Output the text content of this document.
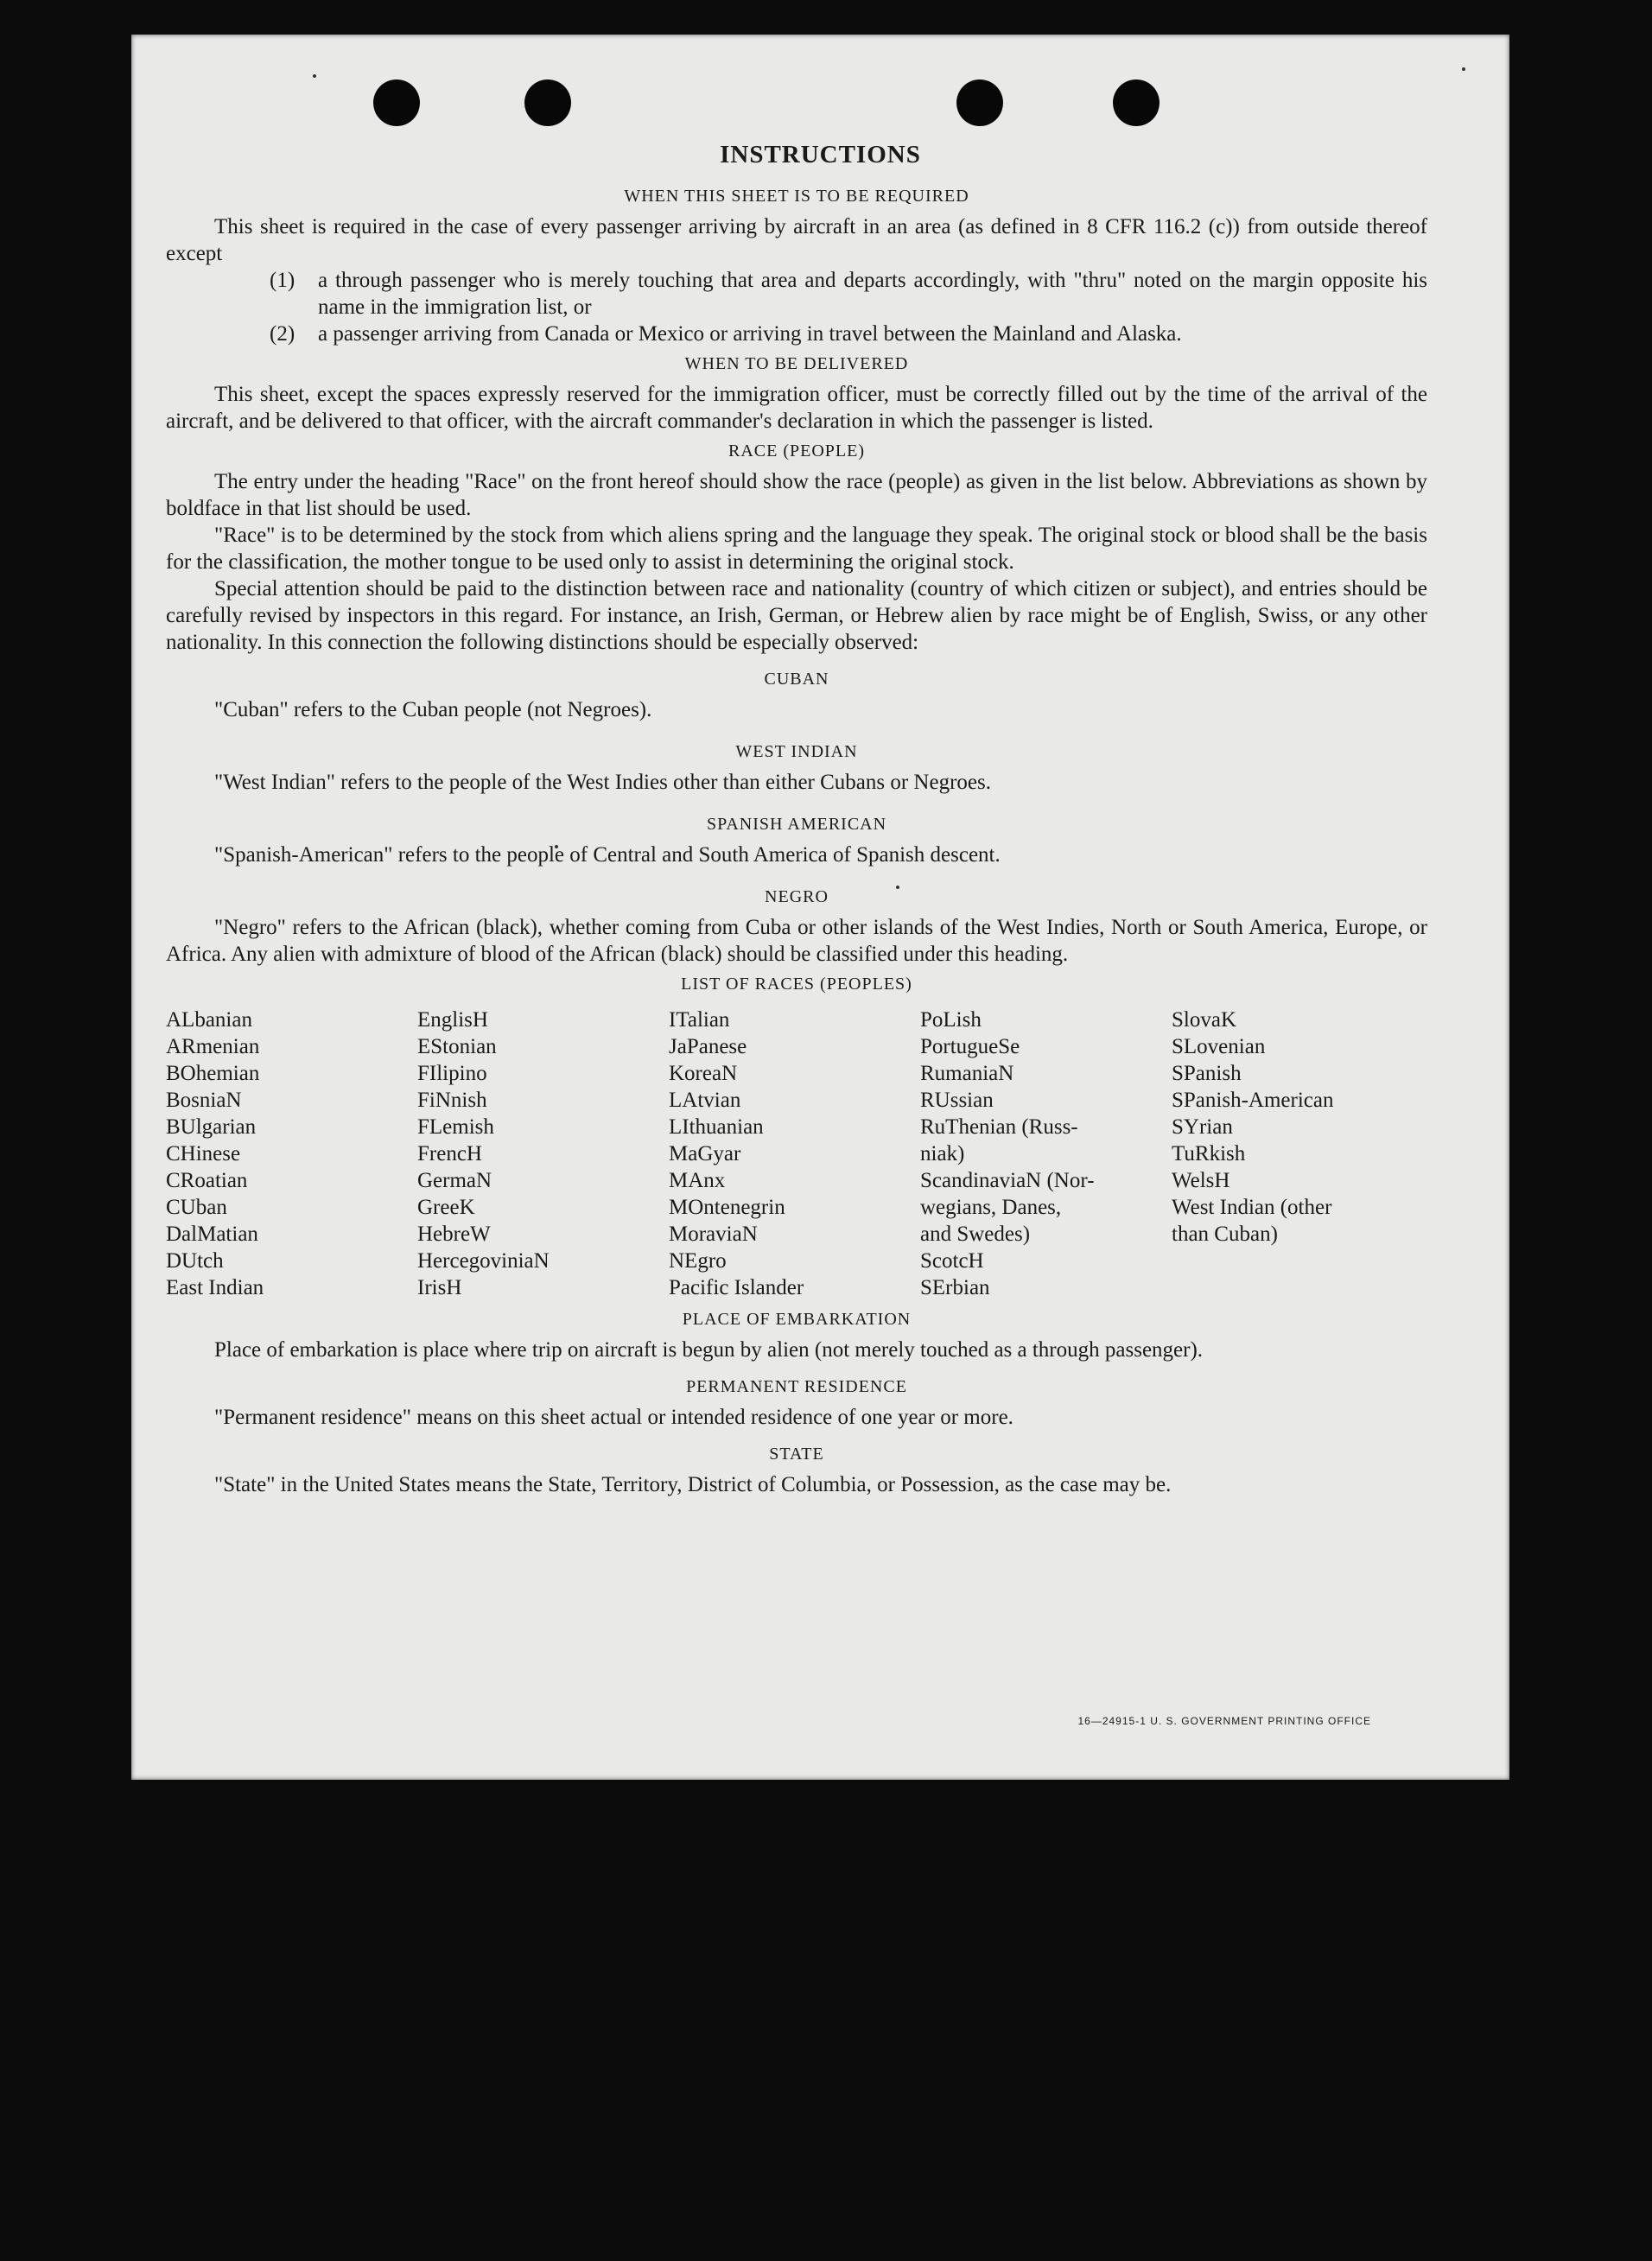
INSTRUCTIONS
WHEN THIS SHEET IS TO BE REQUIRED

This sheet is required in the case of every passenger arriving by aircraft in an area (as defined in 8 CFR 116.2 (c)) from outside thereof except

(1)	a through passenger who is merely touching that area and departs accordingly, with "thru" noted on the margin opposite his name in the immigration list, or
(2)	a passenger arriving from Canada or Mexico or arriving in travel between the Mainland and Alaska.
WHEN TO BE DELIVERED

This sheet, except the spaces expressly reserved for the immigration officer, must be correctly filled out by the time of the arrival of the aircraft, and be delivered to that officer, with the aircraft commander's declaration in which the passenger is listed.

RACE (PEOPLE)

The entry under the heading "Race" on the front hereof should show the race (people) as given in the list below. Abbreviations as shown by boldface in that list should be used.

"Race" is to be determined by the stock from which aliens spring and the language they speak. The original stock or blood shall be the basis for the classification, the mother tongue to be used only to assist in determining the original stock.

Special attention should be paid to the distinction between race and nationality (country of which citizen or subject), and entries should be carefully revised by inspectors in this regard. For instance, an Irish, German, or Hebrew alien by race might be of English, Swiss, or any other nationality. In this connection the following distinctions should be especially observed:

CUBAN

"Cuban" refers to the Cuban people (not Negroes).

WEST INDIAN

"West Indian" refers to the people of the West Indies other than either Cubans or Negroes.

SPANISH AMERICAN

"Spanish-American" refers to the people of Central and South America of Spanish descent.

NEGRO

"Negro" refers to the African (black), whether coming from Cuba or other islands of the West Indies, North or South America, Europe, or Africa. Any alien with admixture of blood of the African (black) should be classified under this heading.

LIST OF RACES (PEOPLES)
ALbanian
ARmenian
BOhemian
BosniaN
BUlgarian
CHinese
CRoatian
CUban
DalMatian
DUtch
East Indian
EnglisH
EStonian
FIlipino
FiNnish
FLemish
FrencH
GermaN
GreeK
HebreW
HercegoviniaN
IrisH
ITalian
JaPanese
KoreaN
LAtvian
LIthuanian
MaGyar
MAnx
MOntenegrin
MoraviaN
NEgro
Pacific Islander
PoLish
PortugueSe
RumaniaN
RUssian
RuThenian (Russ-
niak)
ScandinaviaN (Nor-
wegians, Danes,
and Swedes)
ScotcH
SErbian
SlovaK
SLovenian
SPanish
SPanish-American
SYrian
TuRkish
WelsH
West Indian (other
than Cuban)
PLACE OF EMBARKATION

Place of embarkation is place where trip on aircraft is begun by alien (not merely touched as a through passenger).

PERMANENT RESIDENCE

"Permanent residence" means on this sheet actual or intended residence of one year or more.

STATE

"State" in the United States means the State, Territory, District of Columbia, or Possession, as the case may be.

16—24915-1 U. S. GOVERNMENT PRINTING OFFICE
